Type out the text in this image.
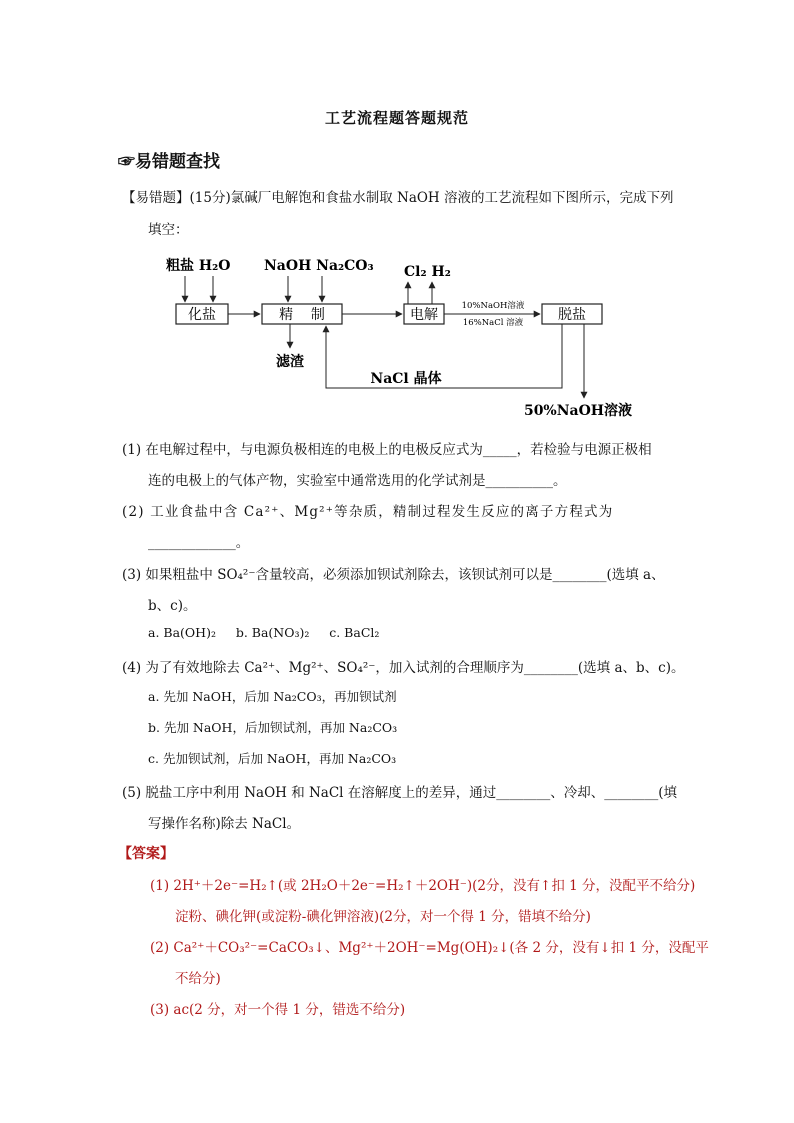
工艺流程题答题规范
☞易错题查找
【易错题】(15分)氯碱厂电解饱和食盐水制取 NaOH 溶液的工艺流程如下图所示，完成下列
填空：
粗盐 H₂O NaOH Na₂CO₃ Cl₂ H₂
化盐	精    制	电解	脱盐
10%NaOH溶液
16%NaCl 溶液
滤渣
NaCl 晶体
50%NaOH溶液
(1) 在电解过程中，与电源负极相连的电极上的电极反应式为_____，若检验与电源正极相
连的电极上的气体产物，实验室中通常选用的化学试剂是__________。
(2) 工业食盐中含 Ca²⁺、Mg²⁺等杂质，精制过程发生反应的离子方程式为
_____________。
(3) 如果粗盐中 SO₄²⁻含量较高，必须添加钡试剂除去，该钡试剂可以是________(选填 a、
b、c)。
a. Ba(OH)₂     b. Ba(NO₃)₂     c. BaCl₂
(4) 为了有效地除去 Ca²⁺、Mg²⁺、SO₄²⁻，加入试剂的合理顺序为________(选填 a、b、c)。
a. 先加 NaOH，后加 Na₂CO₃，再加钡试剂
b. 先加 NaOH，后加钡试剂，再加 Na₂CO₃
c. 先加钡试剂，后加 NaOH，再加 Na₂CO₃
(5) 脱盐工序中利用 NaOH 和 NaCl 在溶解度上的差异，通过________、冷却、________(填
写操作名称)除去 NaCl。
【答案】
(1) 2H⁺＋2e⁻=H₂↑(或 2H₂O＋2e⁻=H₂↑＋2OH⁻)(2分，没有↑扣 1 分，没配平不给分)
淀粉、碘化钾(或淀粉-碘化钾溶液)(2分，对一个得 1 分，错填不给分)
(2) Ca²⁺＋CO₃²⁻=CaCO₃↓、Mg²⁺＋2OH⁻=Mg(OH)₂↓(各 2 分，没有↓扣 1 分，没配平
不给分)
(3) ac(2 分，对一个得 1 分，错选不给分)
